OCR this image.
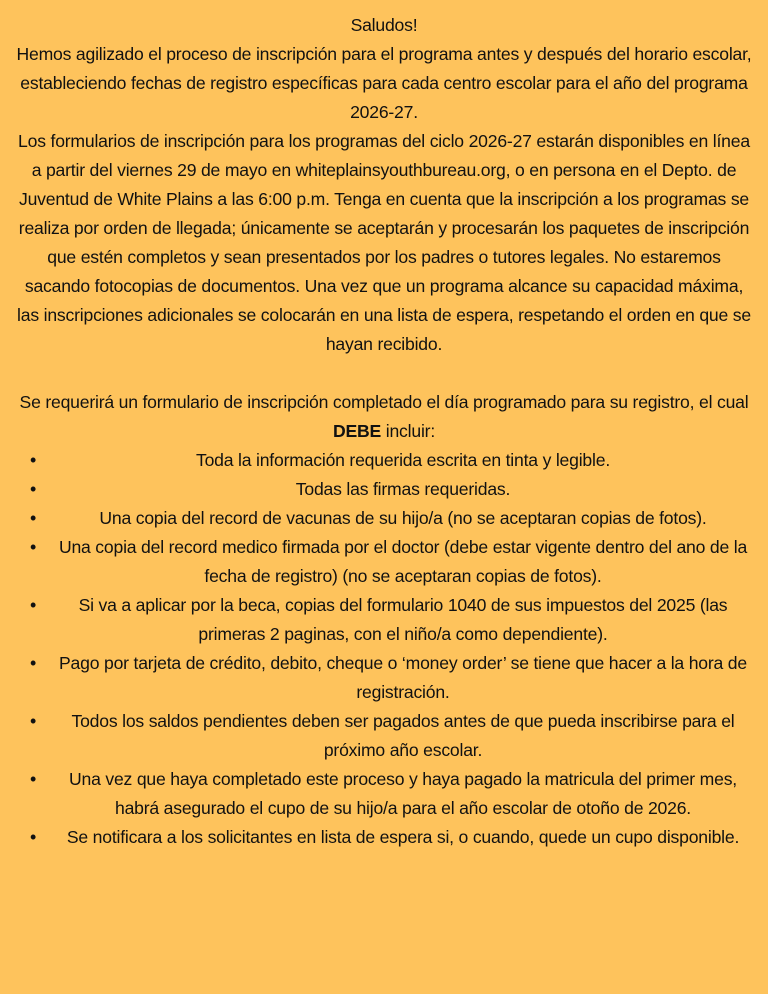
Saludos!

Hemos agilizado el proceso de inscripción para el programa antes y después del horario escolar, estableciendo fechas de registro específicas para cada centro escolar para el año del programa 2026-27.

Los formularios de inscripción para los programas del ciclo 2026-27 estarán disponibles en línea a partir del viernes 29 de mayo en whiteplainsyouthbureau.org, o en persona en el Depto. de Juventud de White Plains a las 6:00 p.m. Tenga en cuenta que la inscripción a los programas se realiza por orden de llegada; únicamente se aceptarán y procesarán los paquetes de inscripción que estén completos y sean presentados por los padres o tutores legales. No estaremos sacando fotocopias de documentos. Una vez que un programa alcance su capacidad máxima, las inscripciones adicionales se colocarán en una lista de espera, respetando el orden en que se hayan recibido.

Se requerirá un formulario de inscripción completado el día programado para su registro, el cual DEBE incluir:

• Toda la información requerida escrita en tinta y legible.
• Todas las firmas requeridas.
• Una copia del record de vacunas de su hijo/a (no se aceptaran copias de fotos).
• Una copia del record medico firmada por el doctor (debe estar vigente dentro del ano de la fecha de registro) (no se aceptaran copias de fotos).
• Si va a aplicar por la beca, copias del formulario 1040 de sus impuestos del 2025 (las primeras 2 paginas, con el niño/a como dependiente).
• Pago por tarjeta de crédito, debito, cheque o ‘money order’ se tiene que hacer a la hora de registración.
• Todos los saldos pendientes deben ser pagados antes de que pueda inscribirse para el próximo año escolar.
• Una vez que haya completado este proceso y haya pagado la matricula del primer mes, habrá asegurado el cupo de su hijo/a para el año escolar de otoño de 2026.
• Se notificara a los solicitantes en lista de espera si, o cuando, quede un cupo disponible.
